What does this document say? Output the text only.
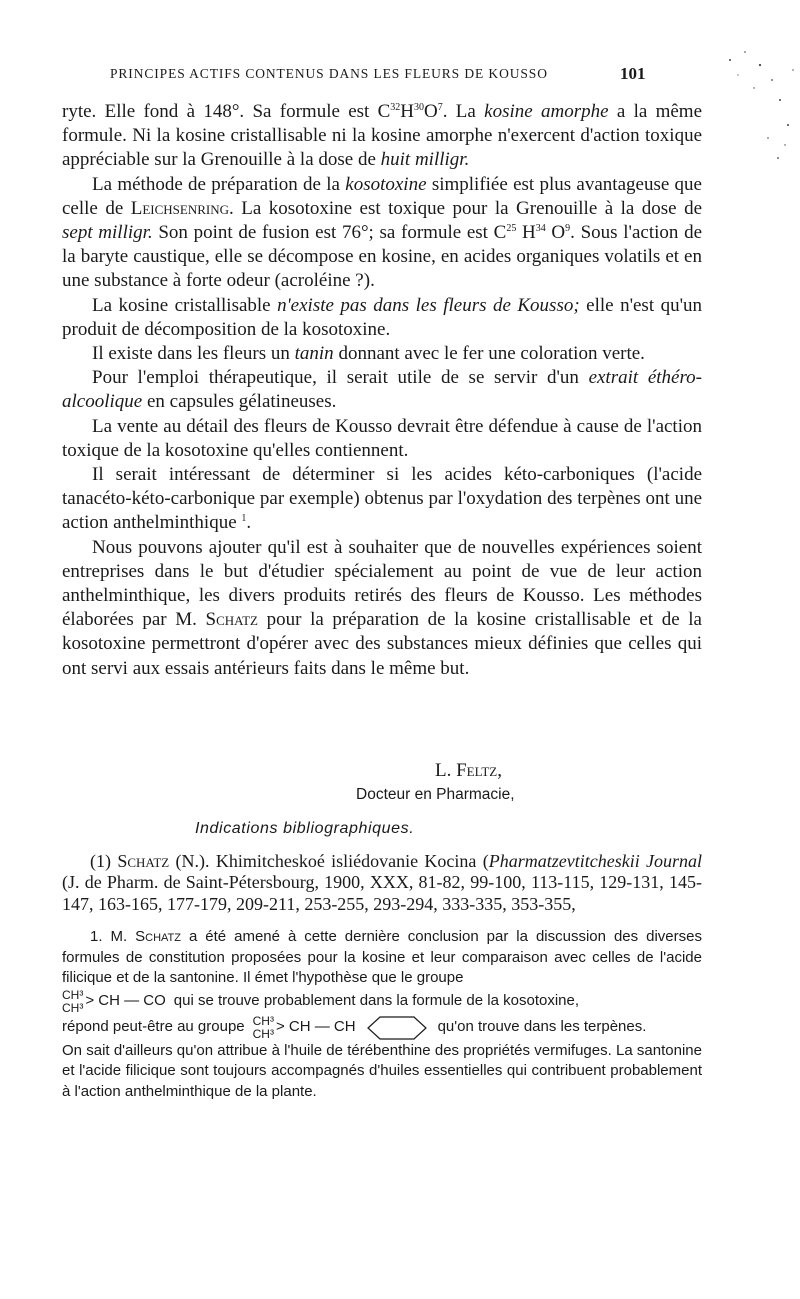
PRINCIPES ACTIFS CONTENUS DANS LES FLEURS DE KOUSSO	101

ryte. Elle fond à 148°. Sa formule est $C^{32}H^{30}O^7$. La kosine amorphe a la même formule. Ni la kosine cristallisable ni la kosine amorphe n'exercent d'action toxique appréciable sur la Grenouille à la dose de huit milligr.

La méthode de préparation de la kosotoxine simplifiée est plus avantageuse que celle de Leichsenring. La kosotoxine est toxique pour la Grenouille à la dose de sept milligr. Son point de fusion est 76°; sa formule est $C^{25}$ $H^{34}$ $O^9$. Sous l'action de la baryte caustique, elle se décompose en kosine, en acides organiques volatils et en une substance à forte odeur (acroléine ?).

La kosine cristallisable n'existe pas dans les fleurs de Kousso; elle n'est qu'un produit de décomposition de la kosotoxine.

Il existe dans les fleurs un tanin donnant avec le fer une coloration verte.

Pour l'emploi thérapeutique, il serait utile de se servir d'un extrait éthéro-alcoolique en capsules gélatineuses.

La vente au détail des fleurs de Kousso devrait être défendue à cause de l'action toxique de la kosotoxine qu'elles contiennent.

Il serait intéressant de déterminer si les acides kéto-carboniques (l'acide tanacéto-kéto-carbonique par exemple) obtenus par l'oxydation des terpènes ont une action anthelminthique $^1$.

Nous pouvons ajouter qu'il est à souhaiter que de nouvelles expériences soient entreprises dans le but d'étudier spécialement au point de vue de leur action anthelminthique, les divers produits retirés des fleurs de Kousso. Les méthodes élaborées par M. Schatz pour la préparation de la kosine cristallisable et de la kosotoxine permettront d'opérer avec des substances mieux définies que celles qui ont servi aux essais antérieurs faits dans le même but.

L. Feltz,
Docteur en Pharmacie,
Indications bibliographiques.

(1) Schatz (N.). Khimitcheskoé isliédovanie Kocina (Pharmatzevtitcheskii Journal (J. de Pharm. de Saint-Pétersbourg, 1900, XXX, 81-82, 99-100, 113-115, 129-131, 145-147, 163-165, 177-179, 209-211, 253-255, 293-294, 333-335, 353-355,

1. M. Schatz a été amené à cette dernière conclusion par la discussion des diverses formules de constitution proposées pour la kosine et leur comparaison avec celles de l'acide filicique et de la santonine. Il émet l'hypothèse que le groupe

CH³
CH³ > CH — CO qui se trouve probablement dans la formule de la kosotoxine,
répond peut-être au groupe CH³
CH³ > CH — CH	qu'on trouve dans les terpènes.

On sait d'ailleurs qu'on attribue à l'huile de térébenthine des propriétés vermifuges. La santonine et l'acide filicique sont toujours accompagnés d'huiles essentielles qui contribuent probablement à l'action anthelminthique de la plante.
